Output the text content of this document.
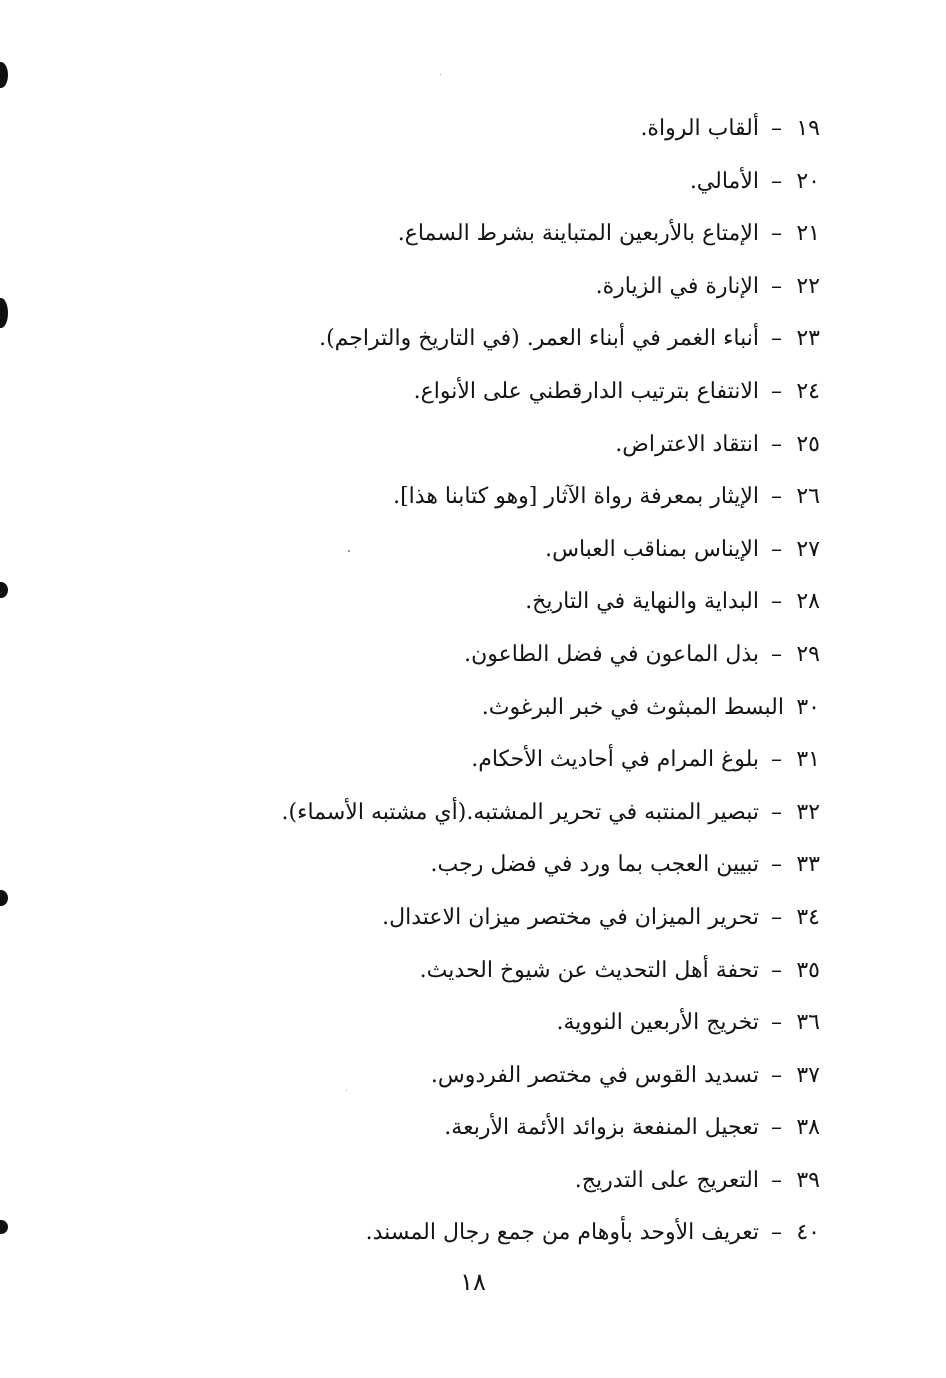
١٩
–
ألقاب الرواة.
٢٠
–
الأمالي.
٢١
–
الإمتاع بالأربعين المتباينة بشرط السماع.
٢٢
–
الإنارة في الزيارة.
٢٣
–
أنباء الغمر في أبناء العمر. (في التاريخ والتراجم).
٢٤
–
الانتفاع بترتيب الدارقطني على الأنواع.
٢٥
–
انتقاد الاعتراض.
٢٦
–
الإيثار بمعرفة رواة الآثار [وهو كتابنا هذا].
٢٧
–
الإيناس بمناقب العباس.
٢٨
–
البداية والنهاية في التاريخ.
٢٩
–
بذل الماعون في فضل الطاعون.
٣٠
البسط المبثوث في خبر البرغوث.
٣١
–
بلوغ المرام في أحاديث الأحكام.
٣٢
–
تبصير المنتبه في تحرير المشتبه.(أي مشتبه الأسماء).
٣٣
–
تبيين العجب بما ورد في فضل رجب.
٣٤
–
تحرير الميزان في مختصر ميزان الاعتدال.
٣٥
–
تحفة أهل التحديث عن شيوخ الحديث.
٣٦
–
تخريج الأربعين النووية.
٣٧
–
تسديد القوس في مختصر الفردوس.
٣٨
–
تعجيل المنفعة بزوائد الأئمة الأربعة.
٣٩
–
التعريج على التدريج.
٤٠
–
تعريف الأوحد بأوهام من جمع رجال المسند.
١٨
